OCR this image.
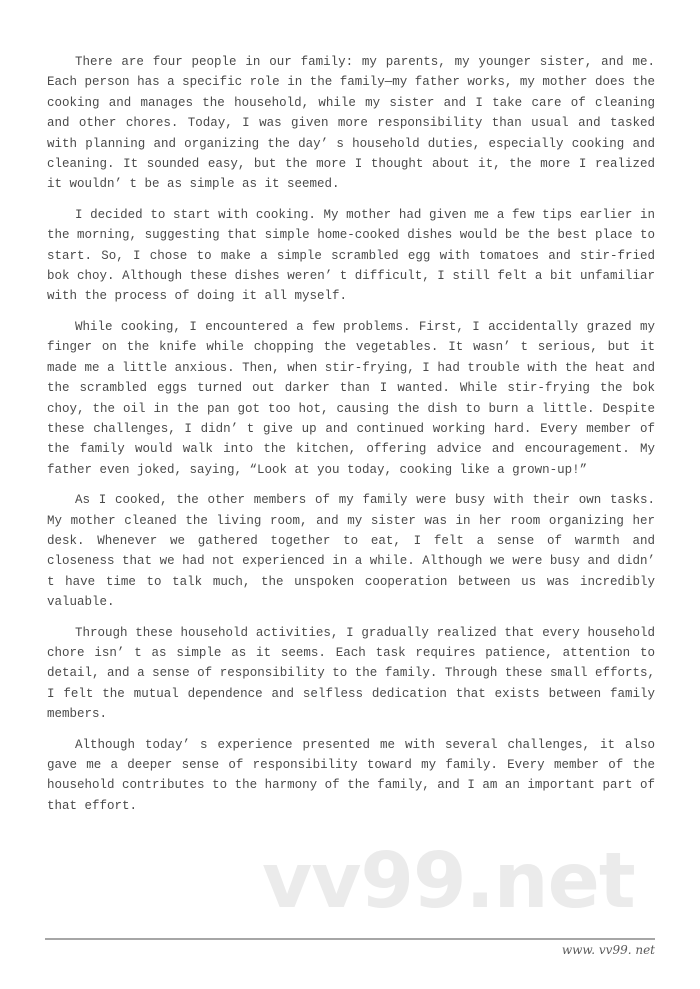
There are four people in our family: my parents, my younger sister, and me. Each person has a specific role in the family—my father works, my mother does the cooking and manages the household, while my sister and I take care of cleaning and other chores. Today, I was given more responsibility than usual and tasked with planning and organizing the day’ s household duties, especially cooking and cleaning. It sounded easy, but the more I thought about it, the more I realized it wouldn’ t be as simple as it seemed.

I decided to start with cooking. My mother had given me a few tips earlier in the morning, suggesting that simple home-cooked dishes would be the best place to start. So, I chose to make a simple scrambled egg with tomatoes and stir-fried bok choy. Although these dishes weren’ t difficult, I still felt a bit unfamiliar with the process of doing it all myself.

While cooking, I encountered a few problems. First, I accidentally grazed my finger on the knife while chopping the vegetables. It wasn’ t serious, but it made me a little anxious. Then, when stir-frying, I had trouble with the heat and the scrambled eggs turned out darker than I wanted. While stir-frying the bok choy, the oil in the pan got too hot, causing the dish to burn a little. Despite these challenges, I didn’ t give up and continued working hard. Every member of the family would walk into the kitchen, offering advice and encouragement. My father even joked, saying, “Look at you today, cooking like a grown-up!”

As I cooked, the other members of my family were busy with their own tasks. My mother cleaned the living room, and my sister was in her room organizing her desk. Whenever we gathered together to eat, I felt a sense of warmth and closeness that we had not experienced in a while. Although we were busy and didn’ t have time to talk much, the unspoken cooperation between us was incredibly valuable.

Through these household activities, I gradually realized that every household chore isn’ t as simple as it seems. Each task requires patience, attention to detail, and a sense of responsibility to the family. Through these small efforts, I felt the mutual dependence and selfless dedication that exists between family members.

Although today’ s experience presented me with several challenges, it also gave me a deeper sense of responsibility toward my family. Every member of the household contributes to the harmony of the family, and I am an important part of that effort.

vv99.net
www. vv99. net
